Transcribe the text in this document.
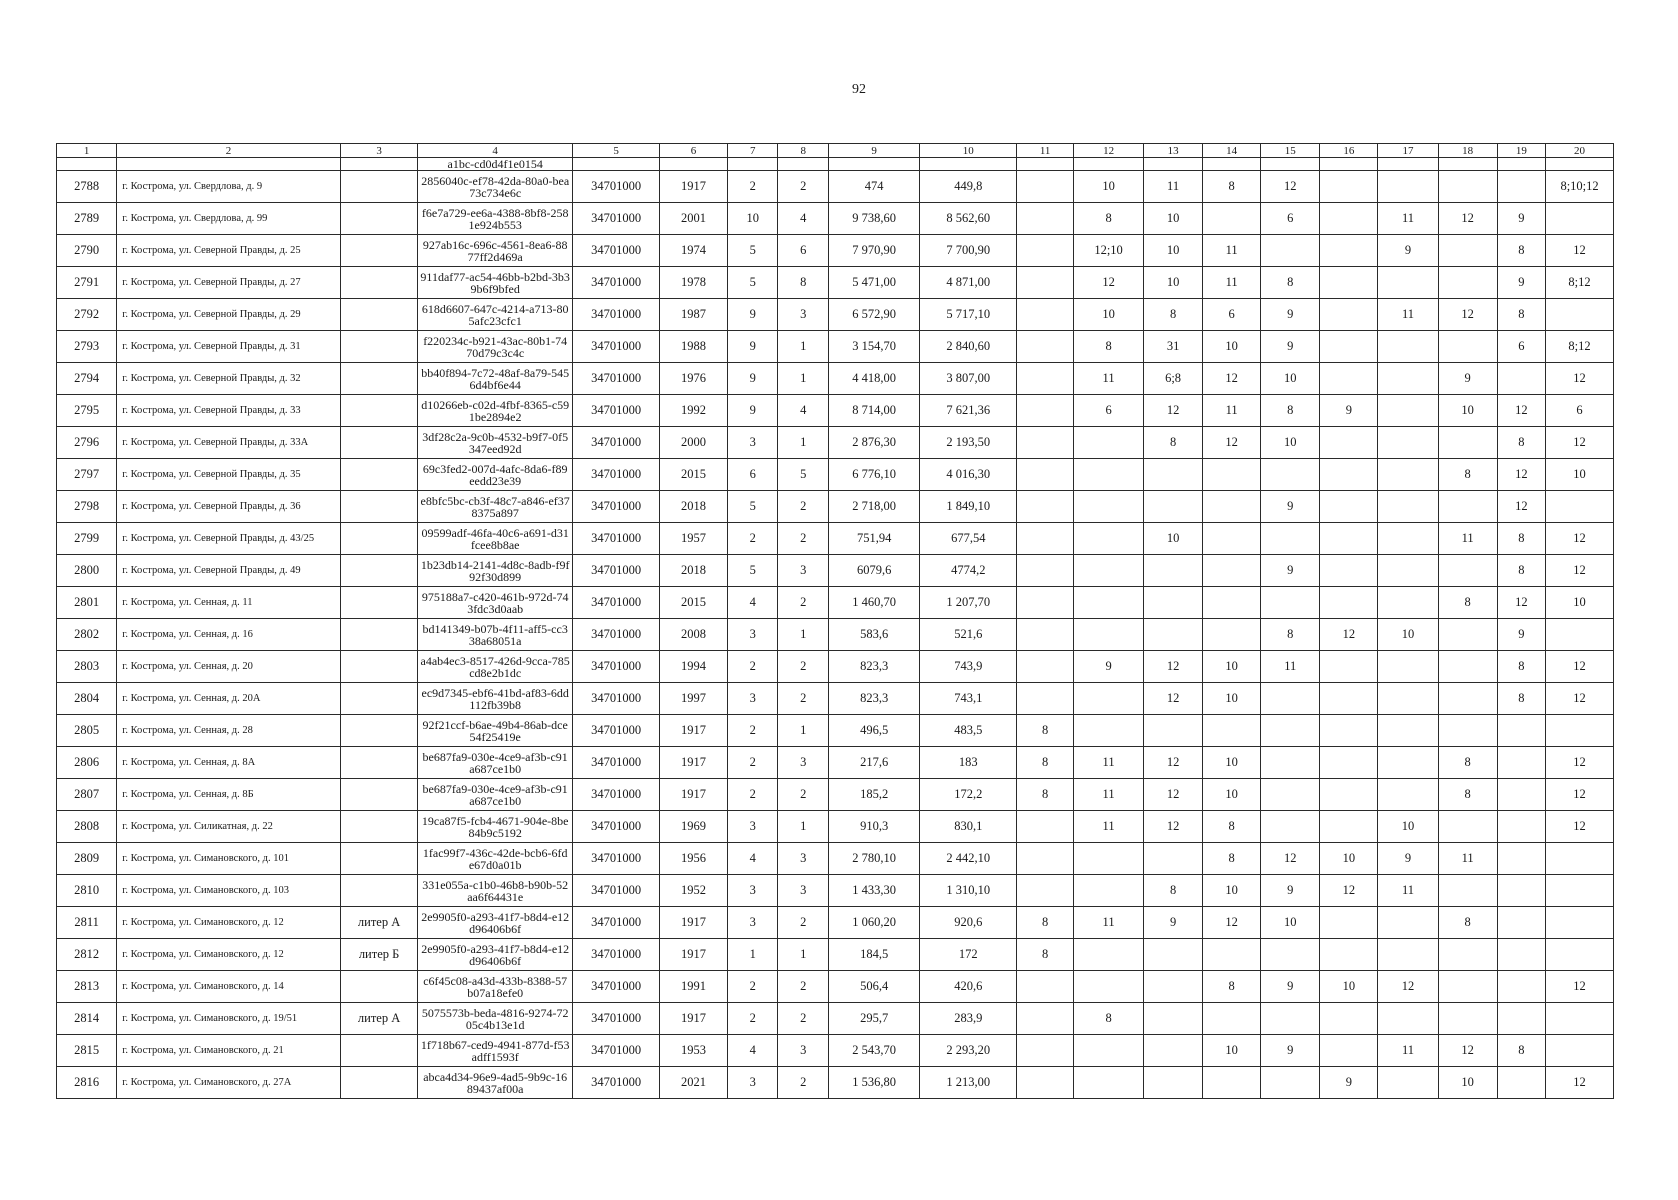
92
1	2	3	4	5	6	7	8	9	10	11	12	13	14	15	16	17	18	19	20
			a1bc-cd0d4f1e0154																
2788	г. Кострома, ул. Свердлова, д. 9		2856040c-ef78-42da-80a0-bea73c734e6c	34701000	1917	2	2	474	449,8		10	11	8	12					8;10;12
2789	г. Кострома, ул. Свердлова, д. 99		f6e7a729-ee6a-4388-8bf8-2581e924b553	34701000	2001	10	4	9 738,60	8 562,60		8	10		6		11	12	9	
2790	г. Кострома, ул. Северной Правды, д. 25		927ab16c-696c-4561-8ea6-8877ff2d469a	34701000	1974	5	6	7 970,90	7 700,90		12;10	10	11			9		8	12
2791	г. Кострома, ул. Северной Правды, д. 27		911daf77-ac54-46bb-b2bd-3b39b6f9bfed	34701000	1978	5	8	5 471,00	4 871,00		12	10	11	8				9	8;12
2792	г. Кострома, ул. Северной Правды, д. 29		618d6607-647c-4214-a713-805afc23cfc1	34701000	1987	9	3	6 572,90	5 717,10		10	8	6	9		11	12	8	
2793	г. Кострома, ул. Северной Правды, д. 31		f220234c-b921-43ac-80b1-7470d79c3c4c	34701000	1988	9	1	3 154,70	2 840,60		8	31	10	9				6	8;12
2794	г. Кострома, ул. Северной Правды, д. 32		bb40f894-7c72-48af-8a79-5456d4bf6e44	34701000	1976	9	1	4 418,00	3 807,00		11	6;8	12	10			9		12
2795	г. Кострома, ул. Северной Правды, д. 33		d10266eb-c02d-4fbf-8365-c591be2894e2	34701000	1992	9	4	8 714,00	7 621,36		6	12	11	8	9		10	12	6
2796	г. Кострома, ул. Северной Правды, д. 33А		3df28c2a-9c0b-4532-b9f7-0f5347eed92d	34701000	2000	3	1	2 876,30	2 193,50			8	12	10				8	12
2797	г. Кострома, ул. Северной Правды, д. 35		69c3fed2-007d-4afc-8da6-f89eedd23e39	34701000	2015	6	5	6 776,10	4 016,30								8	12	10
2798	г. Кострома, ул. Северной Правды, д. 36		e8bfc5bc-cb3f-48c7-a846-ef378375a897	34701000	2018	5	2	2 718,00	1 849,10					9				12	
2799	г. Кострома, ул. Северной Правды, д. 43/25		09599adf-46fa-40c6-a691-d31fcee8b8ae	34701000	1957	2	2	751,94	677,54			10					11	8	12
2800	г. Кострома, ул. Северной Правды, д. 49		1b23db14-2141-4d8c-8adb-f9f92f30d899	34701000	2018	5	3	6079,6	4774,2					9				8	12
2801	г. Кострома, ул. Сенная, д. 11		975188a7-c420-461b-972d-743fdc3d0aab	34701000	2015	4	2	1 460,70	1 207,70								8	12	10
2802	г. Кострома, ул. Сенная, д. 16		bd141349-b07b-4f11-aff5-cc338a68051a	34701000	2008	3	1	583,6	521,6					8	12	10		9	
2803	г. Кострома, ул. Сенная, д. 20		a4ab4ec3-8517-426d-9cca-785cd8e2b1dc	34701000	1994	2	2	823,3	743,9		9	12	10	11				8	12
2804	г. Кострома, ул. Сенная, д. 20А		ec9d7345-ebf6-41bd-af83-6dd112fb39b8	34701000	1997	3	2	823,3	743,1			12	10					8	12
2805	г. Кострома, ул. Сенная, д. 28		92f21ccf-b6ae-49b4-86ab-dce54f25419e	34701000	1917	2	1	496,5	483,5	8									
2806	г. Кострома, ул. Сенная, д. 8А		be687fa9-030e-4ce9-af3b-c91a687ce1b0	34701000	1917	2	3	217,6	183	8	11	12	10				8		12
2807	г. Кострома, ул. Сенная, д. 8Б		be687fa9-030e-4ce9-af3b-c91a687ce1b0	34701000	1917	2	2	185,2	172,2	8	11	12	10				8		12
2808	г. Кострома, ул. Силикатная, д. 22		19ca87f5-fcb4-4671-904e-8be84b9c5192	34701000	1969	3	1	910,3	830,1		11	12	8			10			12
2809	г. Кострома, ул. Симановского, д. 101		1fac99f7-436c-42de-bcb6-6fde67d0a01b	34701000	1956	4	3	2 780,10	2 442,10				8	12	10	9	11		
2810	г. Кострома, ул. Симановского, д. 103		331e055a-c1b0-46b8-b90b-52aa6f64431e	34701000	1952	3	3	1 433,30	1 310,10			8	10	9	12	11			
2811	г. Кострома, ул. Симановского, д. 12	литер А	2e9905f0-a293-41f7-b8d4-e12d96406b6f	34701000	1917	3	2	1 060,20	920,6	8	11	9	12	10			8		
2812	г. Кострома, ул. Симановского, д. 12	литер Б	2e9905f0-a293-41f7-b8d4-e12d96406b6f	34701000	1917	1	1	184,5	172	8									
2813	г. Кострома, ул. Симановского, д. 14		c6f45c08-a43d-433b-8388-57b07a18efe0	34701000	1991	2	2	506,4	420,6				8	9	10	12			12
2814	г. Кострома, ул. Симановского, д. 19/51	литер А	5075573b-beda-4816-9274-7205c4b13e1d	34701000	1917	2	2	295,7	283,9		8								
2815	г. Кострома, ул. Симановского, д. 21		1f718b67-ced9-4941-877d-f53adff1593f	34701000	1953	4	3	2 543,70	2 293,20				10	9		11	12	8	
2816	г. Кострома, ул. Симановского, д. 27А		abca4d34-96e9-4ad5-9b9c-1689437af00a	34701000	2021	3	2	1 536,80	1 213,00						9		10		12
